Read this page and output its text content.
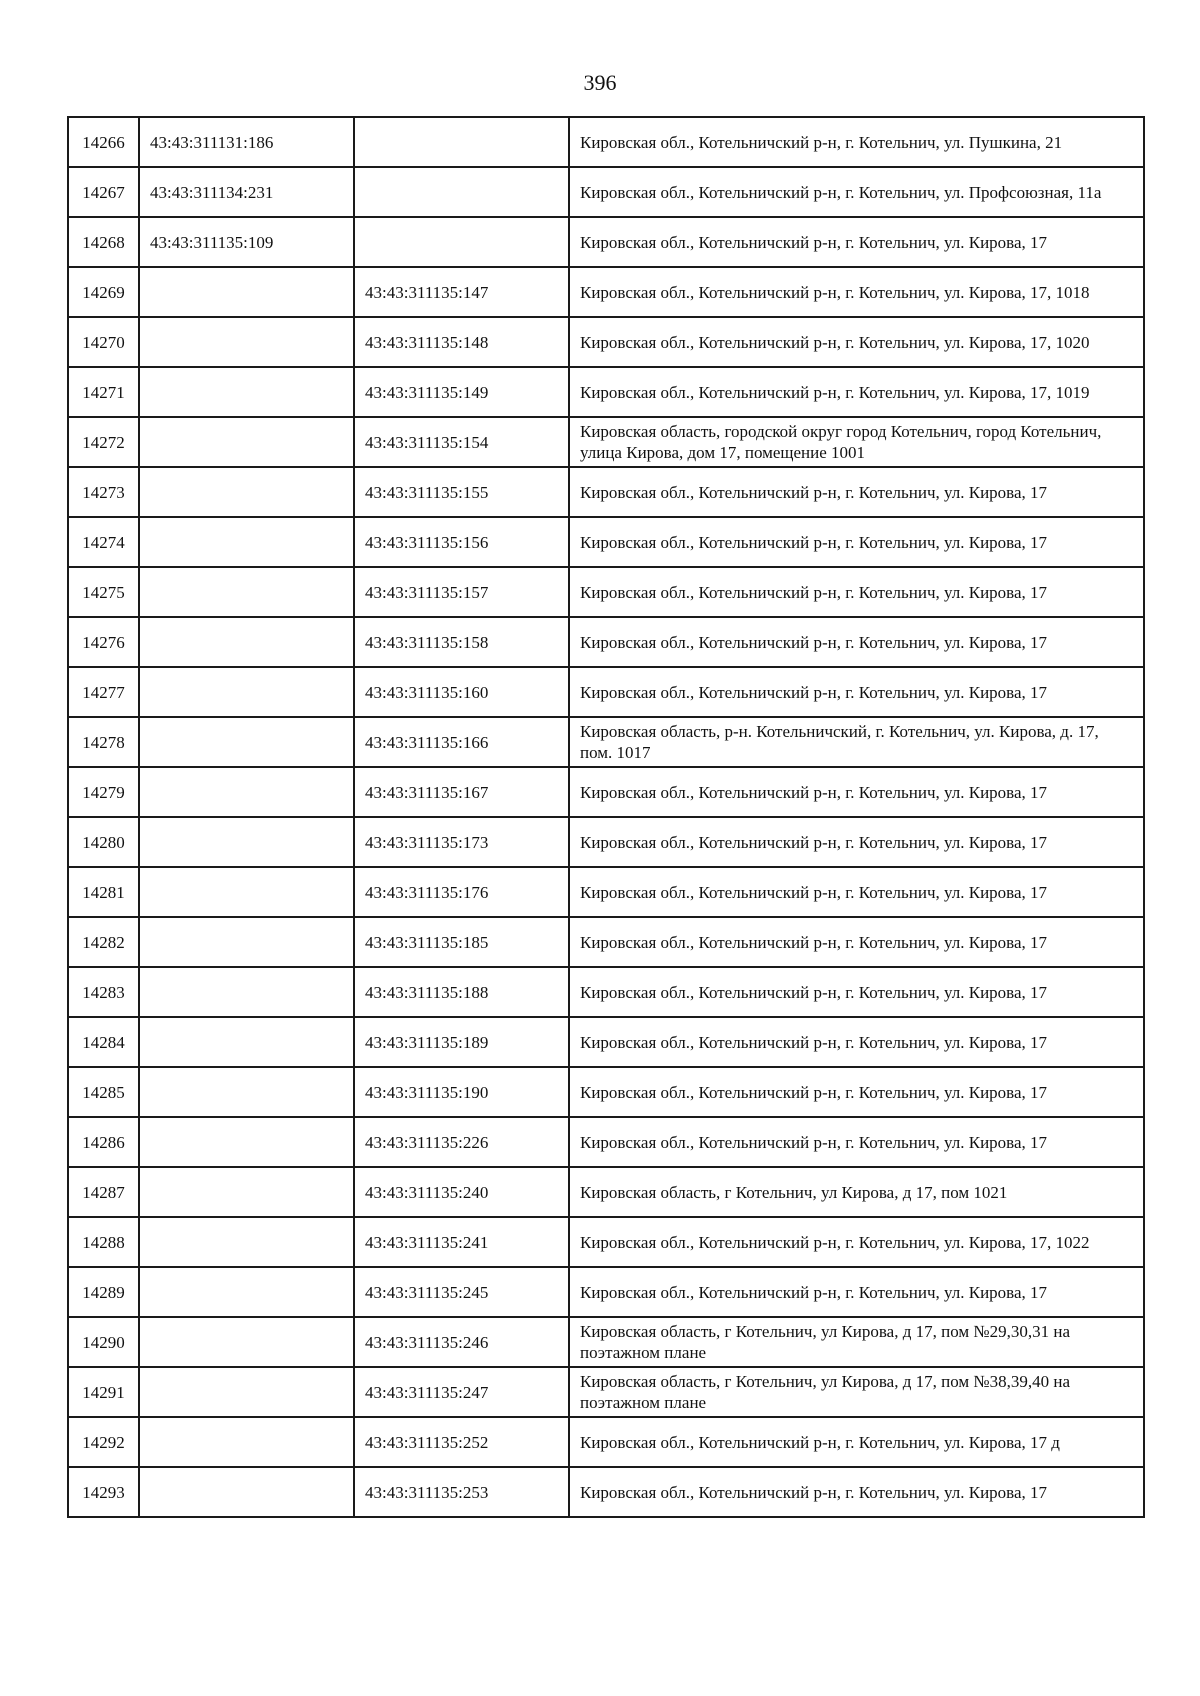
396
14266	43:43:311131:186		Кировская обл., Котельничский р-н, г. Котельнич, ул. Пушкина, 21
14267	43:43:311134:231		Кировская обл., Котельничский р-н, г. Котельнич, ул. Профсоюзная, 11а
14268	43:43:311135:109		Кировская обл., Котельничский р-н, г. Котельнич, ул. Кирова, 17
14269		43:43:311135:147	Кировская обл., Котельничский р-н, г. Котельнич, ул. Кирова, 17, 1018
14270		43:43:311135:148	Кировская обл., Котельничский р-н, г. Котельнич, ул. Кирова, 17, 1020
14271		43:43:311135:149	Кировская обл., Котельничский р-н, г. Котельнич, ул. Кирова, 17, 1019
14272		43:43:311135:154	Кировская область, городской округ город Котельнич, город Котельнич, улица Кирова, дом 17, помещение 1001
14273		43:43:311135:155	Кировская обл., Котельничский р-н, г. Котельнич, ул. Кирова, 17
14274		43:43:311135:156	Кировская обл., Котельничский р-н, г. Котельнич, ул. Кирова, 17
14275		43:43:311135:157	Кировская обл., Котельничский р-н, г. Котельнич, ул. Кирова, 17
14276		43:43:311135:158	Кировская обл., Котельничский р-н, г. Котельнич, ул. Кирова, 17
14277		43:43:311135:160	Кировская обл., Котельничский р-н, г. Котельнич, ул. Кирова, 17
14278		43:43:311135:166	Кировская область, р-н. Котельничский, г. Котельнич, ул. Кирова, д. 17, пом. 1017
14279		43:43:311135:167	Кировская обл., Котельничский р-н, г. Котельнич, ул. Кирова, 17
14280		43:43:311135:173	Кировская обл., Котельничский р-н, г. Котельнич, ул. Кирова, 17
14281		43:43:311135:176	Кировская обл., Котельничский р-н, г. Котельнич, ул. Кирова, 17
14282		43:43:311135:185	Кировская обл., Котельничский р-н, г. Котельнич, ул. Кирова, 17
14283		43:43:311135:188	Кировская обл., Котельничский р-н, г. Котельнич, ул. Кирова, 17
14284		43:43:311135:189	Кировская обл., Котельничский р-н, г. Котельнич, ул. Кирова, 17
14285		43:43:311135:190	Кировская обл., Котельничский р-н, г. Котельнич, ул. Кирова, 17
14286		43:43:311135:226	Кировская обл., Котельничский р-н, г. Котельнич, ул. Кирова, 17
14287		43:43:311135:240	Кировская область, г Котельнич, ул Кирова, д 17, пом 1021
14288		43:43:311135:241	Кировская обл., Котельничский р-н, г. Котельнич, ул. Кирова, 17, 1022
14289		43:43:311135:245	Кировская обл., Котельничский р-н, г. Котельнич, ул. Кирова, 17
14290		43:43:311135:246	Кировская область, г Котельнич, ул Кирова, д 17, пом №29,30,31 на поэтажном плане
14291		43:43:311135:247	Кировская область, г Котельнич, ул Кирова, д 17, пом №38,39,40 на поэтажном плане
14292		43:43:311135:252	Кировская обл., Котельничский р-н, г. Котельнич, ул. Кирова, 17 д
14293		43:43:311135:253	Кировская обл., Котельничский р-н, г. Котельнич, ул. Кирова, 17
